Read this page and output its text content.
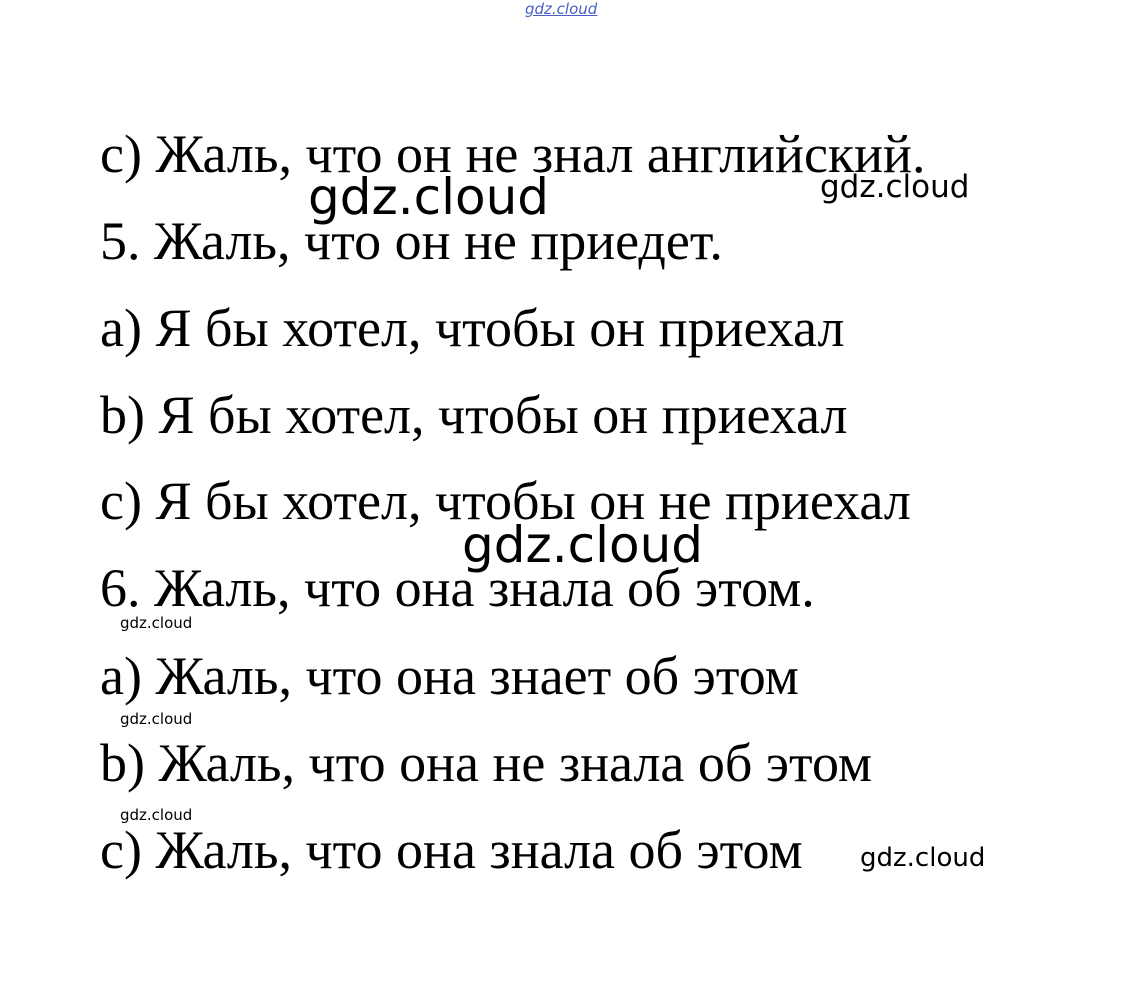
gdz.cloud
c) Жаль, что он не знал английский.
gdz.cloud	gdz.cloud
5. Жаль, что он не приедет.
а) Я бы хотел, чтобы он приехал
b) Я бы хотел, чтобы он приехал
c) Я бы хотел, чтобы он не приехал
gdz.cloud
6. Жаль, что она знала об этом.
gdz.cloud
а) Жаль, что она знает об этом
gdz.cloud
b) Жаль, что она не знала об этом
gdz.cloud
c) Жаль, что она знала об этом gdz.cloud
